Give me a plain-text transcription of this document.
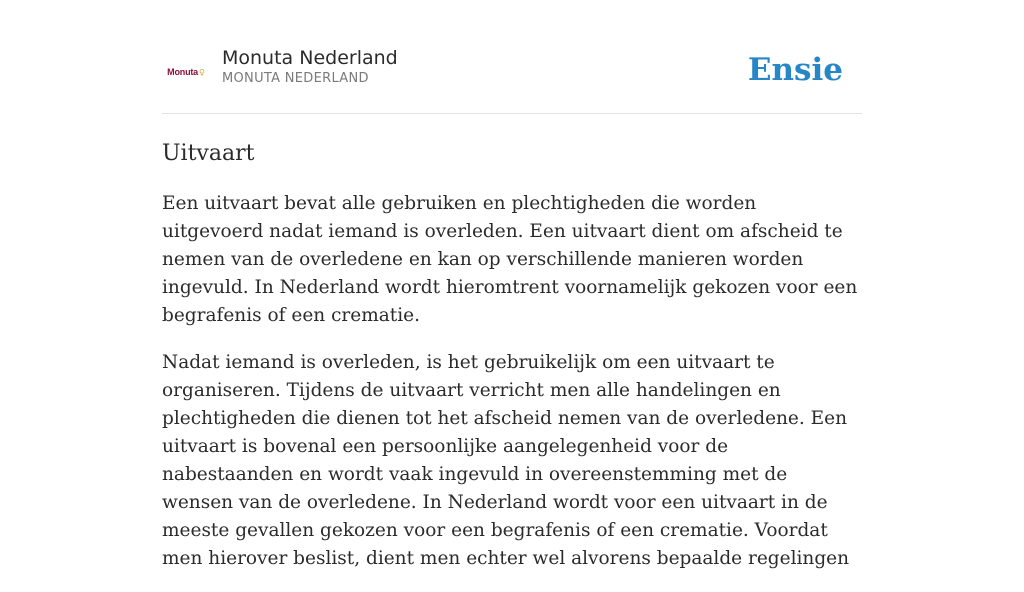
Monuta ♀
Monuta Nederland
MONUTA NEDERLAND	Ensie
Uitvaart

Een uitvaart bevat alle gebruiken en plechtigheden die worden uitgevoerd nadat iemand is overleden. Een uitvaart dient om afscheid te nemen van de overledene en kan op verschillende manieren worden ingevuld. In Nederland wordt hieromtrent voornamelijk gekozen voor een begrafenis of een crematie.

Nadat iemand is overleden, is het gebruikelijk om een uitvaart te organiseren. Tijdens de uitvaart verricht men alle handelingen en plechtigheden die dienen tot het afscheid nemen van de overledene. Een uitvaart is bovenal een persoonlijke aangelegenheid voor de nabestaanden en wordt vaak ingevuld in overeenstemming met de wensen van de overledene. In Nederland wordt voor een uitvaart in de meeste gevallen gekozen voor een begrafenis of een crematie. Voordat men hierover beslist, dient men echter wel alvorens bepaalde regelingen
